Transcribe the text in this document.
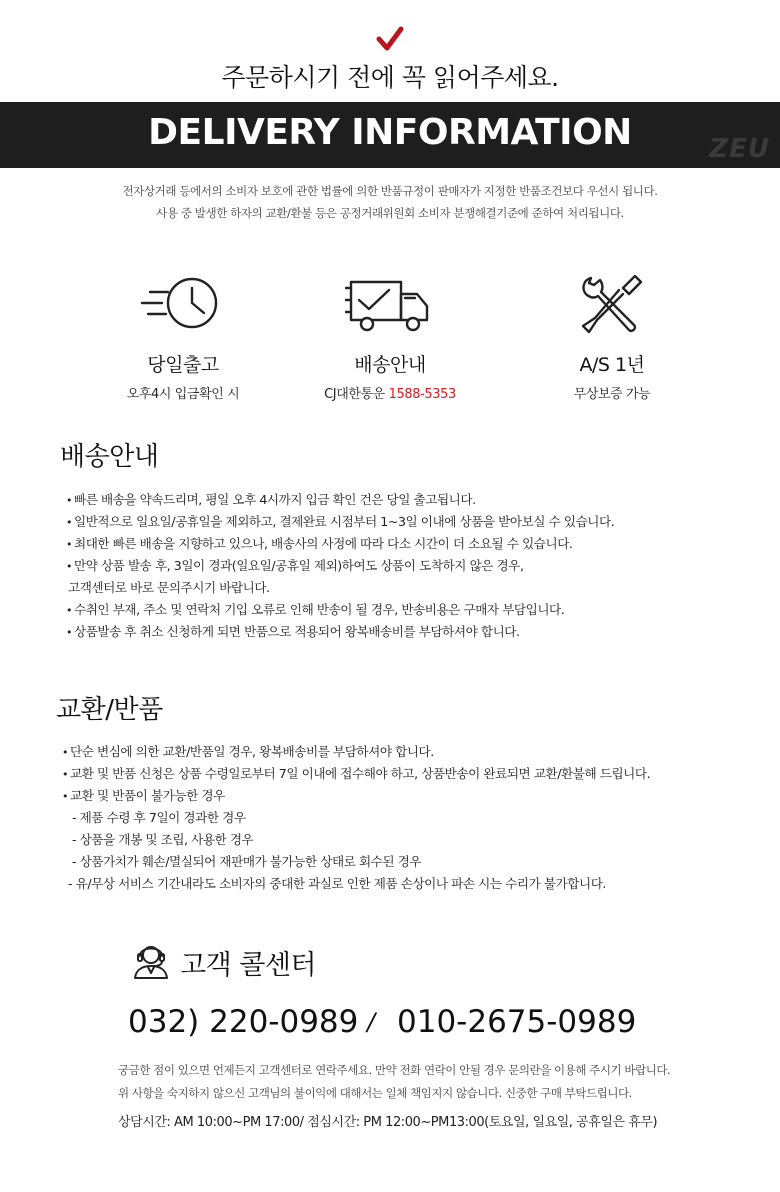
주문하시기 전에 꼭 읽어주세요.
DELIVERY INFORMATION	ZEU
전자상거래 등에서의 소비자 보호에 관한 법률에 의한 반품규정이 판매자가 지정한 반품조건보다 우선시 됩니다.
사용 중 발생한 하자의 교환/환불 등은 공정거래위원회 소비자 분쟁해결기준에 준하여 처리됩니다.
당일출고
오후4시 입금확인 시
배송안내
CJ대한통운 1588-5353
A/S 1년
무상보증 가능
배송안내
• 빠른 배송을 약속드리며, 평일 오후 4시까지 입금 확인 건은 당일 출고됩니다.
• 일반적으로 일요일/공휴일을 제외하고, 결제완료 시점부터 1~3일 이내에 상품을 받아보실 수 있습니다.
• 최대한 빠른 배송을 지향하고 있으나, 배송사의 사정에 따라 다소 시간이 더 소요될 수 있습니다.
• 만약 상품 발송 후, 3일이 경과(일요일/공휴일 제외)하여도 상품이 도착하지 않은 경우,
고객센터로 바로 문의주시기 바랍니다.
• 수취인 부재, 주소 및 연락처 기입 오류로 인해 반송이 될 경우, 반송비용은 구매자 부담입니다.
• 상품발송 후 취소 신청하게 되면 반품으로 적용되어 왕복배송비를 부담하셔야 합니다.
교환/반품
• 단순 변심에 의한 교환/반품일 경우, 왕복배송비를 부담하셔야 합니다.
• 교환 및 반품 신청은 상품 수령일로부터 7일 이내에 접수해야 하고, 상품반송이 완료되면 교환/환불해 드립니다.
• 교환 및 반품이 불가능한 경우
- 제품 수령 후 7일이 경과한 경우
- 상품을 개봉 및 조립, 사용한 경우
- 상품가치가 훼손/멸실되어 재판매가 불가능한 상태로 회수된 경우
- 유/무상 서비스 기간내라도 소비자의 중대한 과실로 인한 제품 손상이나 파손 시는 수리가 불가합니다.
고객 콜센터
032) 220-0989 / 010-2675-0989
궁금한 점이 있으면 언제든지 고객센터로 연락주세요. 만약 전화 연락이 안될 경우 문의란을 이용해 주시기 바랍니다.
위 사항을 숙지하지 않으신 고객님의 불이익에 대해서는 일체 책임지지 않습니다. 신중한 구매 부탁드립니다.
상담시간: AM 10:00~PM 17:00/ 점심시간: PM 12:00~PM13:00(토요일, 일요일, 공휴일은 휴무)
